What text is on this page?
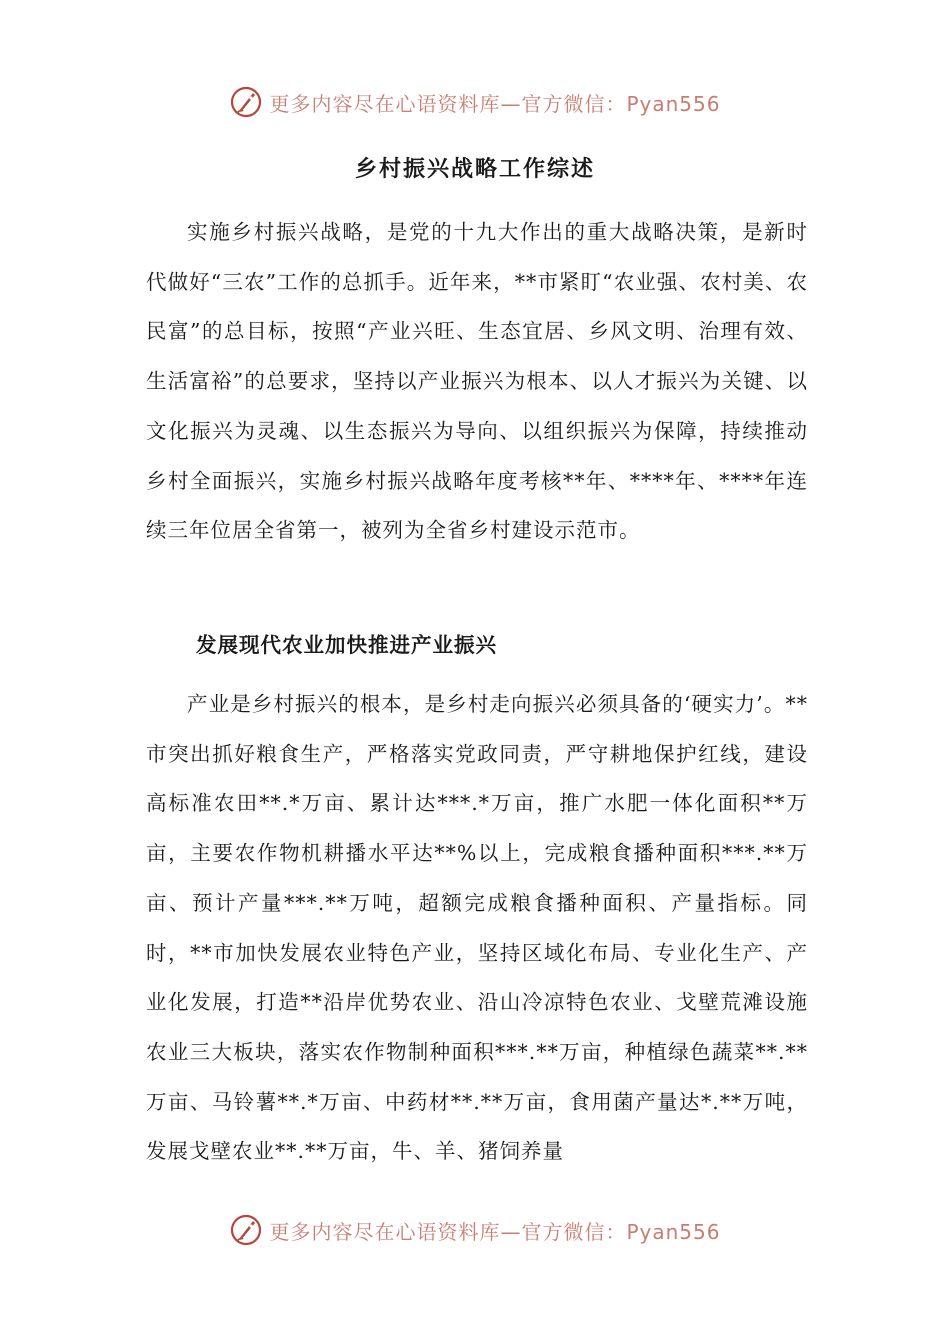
更多内容尽在心语资料库—官方微信：Pyan556
乡村振兴战略工作综述

实施乡村振兴战略，是党的十九大作出的重大战略决策，是新时代做好“三农”工作的总抓手。近年来，**市紧盯“农业强、农村美、农民富”的总目标，按照“产业兴旺、生态宜居、乡风文明、治理有效、生活富裕”的总要求，坚持以产业振兴为根本、以人才振兴为关键、以文化振兴为灵魂、以生态振兴为导向、以组织振兴为保障，持续推动乡村全面振兴，实施乡村振兴战略年度考核**年、****年、****年连续三年位居全省第一，被列为全省乡村建设示范市。

发展现代农业加快推进产业振兴

产业是乡村振兴的根本，是乡村走向振兴必须具备的‘硬实力’。**市突出抓好粮食生产，严格落实党政同责，严守耕地保护红线，建设高标准农田**.*万亩、累计达***.*万亩，推广水肥一体化面积**万亩，主要农作物机耕播水平达**%以上，完成粮食播种面积***.**万亩、预计产量***.**万吨，超额完成粮食播种面积、产量指标。同时，**市加快发展农业特色产业，坚持区域化布局、专业化生产、产业化发展，打造**沿岸优势农业、沿山冷凉特色农业、戈壁荒滩设施农业三大板块，落实农作物制种面积***.**万亩，种植绿色蔬菜**.**万亩、马铃薯**.*万亩、中药材**.**万亩，食用菌产量达*.**万吨，发展戈壁农业**.**万亩，牛、羊、猪饲养量

更多内容尽在心语资料库—官方微信：Pyan556
